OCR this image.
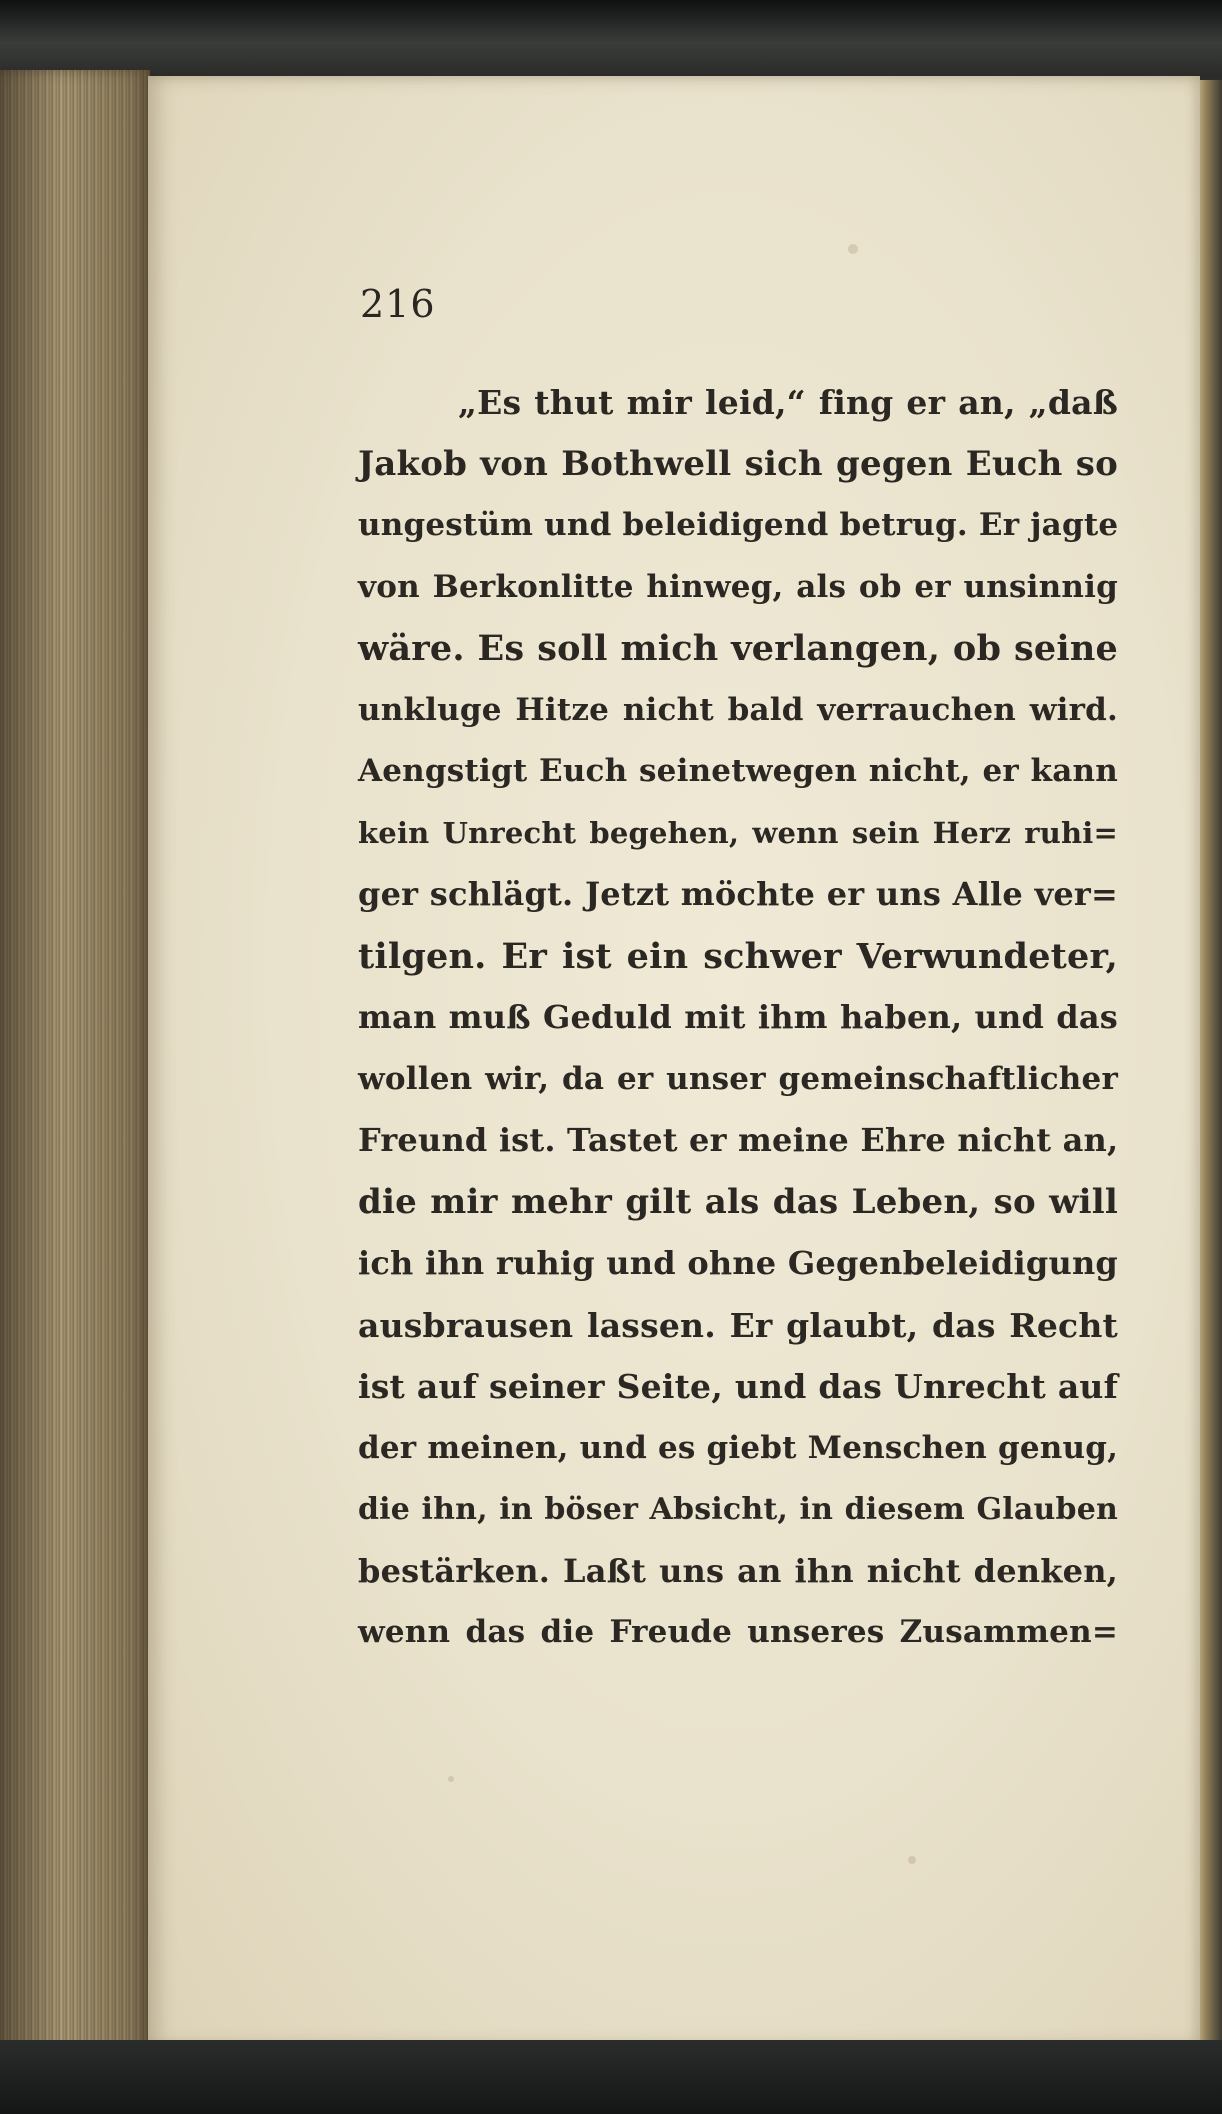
216
„Es thut mir leid,“ fing er an, „daß
Jakob von Bothwell sich gegen Euch so
ungestüm und beleidigend betrug. Er jagte
von Berkonlitte hinweg, als ob er unsinnig
wäre. Es soll mich verlangen, ob seine
unkluge Hitze nicht bald verrauchen wird.
Aengstigt Euch seinetwegen nicht, er kann
kein Unrecht begehen, wenn sein Herz ruhi=
ger schlägt. Jetzt möchte er uns Alle ver=
tilgen. Er ist ein schwer Verwundeter,
man muß Geduld mit ihm haben, und das
wollen wir, da er unser gemeinschaftlicher
Freund ist. Tastet er meine Ehre nicht an,
die mir mehr gilt als das Leben, so will
ich ihn ruhig und ohne Gegenbeleidigung
ausbrausen lassen. Er glaubt, das Recht
ist auf seiner Seite, und das Unrecht auf
der meinen, und es giebt Menschen genug,
die ihn, in böser Absicht, in diesem Glauben
bestärken. Laßt uns an ihn nicht denken,
wenn das die Freude unseres Zusammen=
